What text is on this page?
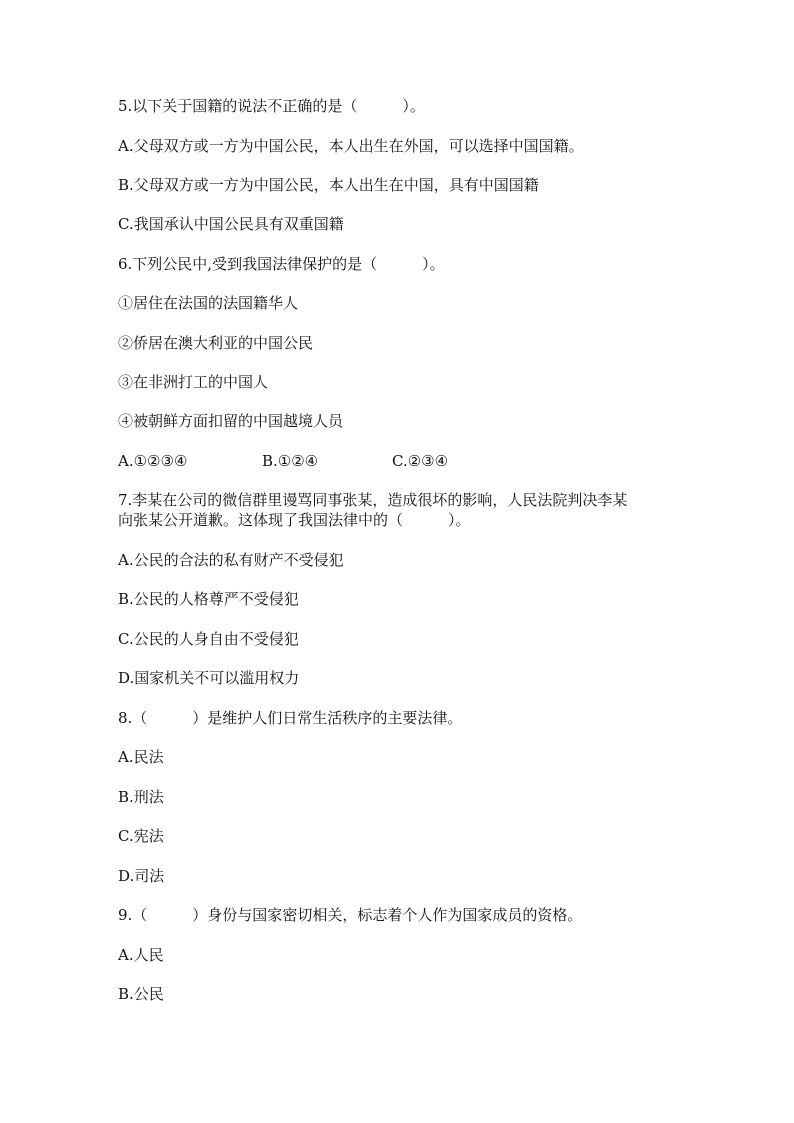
5.以下关于国籍的说法不正确的是（　　　）。

A.父母双方或一方为中国公民，本人出生在外国，可以选择中国国籍。

B.父母双方或一方为中国公民，本人出生在中国，具有中国国籍

C.我国承认中国公民具有双重国籍

6.下列公民中,受到我国法律保护的是（　　　）。

①居住在法国的法国籍华人

②侨居在澳大利亚的中国公民

③在非洲打工的中国人

④被朝鲜方面扣留的中国越境人员

A.①②③④

	B.①②④

	C.②③④

7.李某在公司的微信群里谩骂同事张某，造成很坏的影响，人民法院判决李某

向张某公开道歉。这体现了我国法律中的（　　　）。

A.公民的合法的私有财产不受侵犯

B.公民的人格尊严不受侵犯

C.公民的人身自由不受侵犯

D.国家机关不可以滥用权力

8.（　　　）是维护人们日常生活秩序的主要法律。

A.民法

B.刑法

C.宪法

D.司法

9.（　　　）身份与国家密切相关，标志着个人作为国家成员的资格。

A.人民

B.公民
